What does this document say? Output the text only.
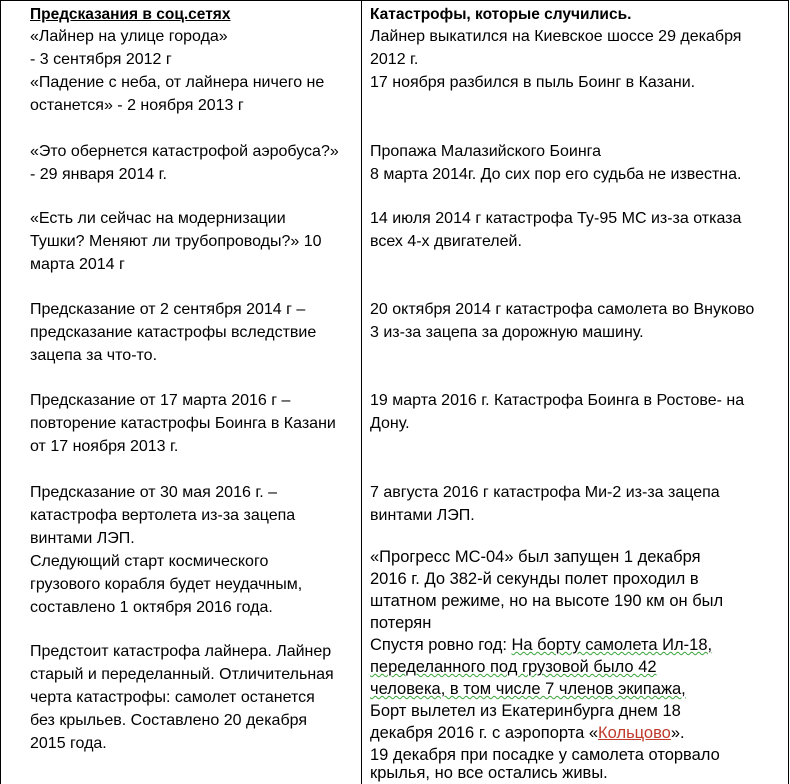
Предсказания в соц.сетях
«Лайнер на улице города»
- 3 сентября 2012 г
«Падение с неба, от лайнера ничего не
останется» - 2 ноября 2013 г
«Это обернется катастрофой аэробуса?»
- 29 января 2014 г.
«Есть ли сейчас на модернизации
Тушки? Меняют ли трубопроводы?» 10
марта 2014 г
Предсказание от 2 сентября 2014 г –
предсказание катастрофы вследствие
зацепа за что-то.
Предсказание от 17 марта 2016 г –
повторение катастрофы Боинга в Казани
от 17 ноября 2013 г.
Предсказание от 30 мая 2016 г. –
катастрофа вертолета из-за зацепа
винтами ЛЭП.
Следующий старт космического
грузового корабля будет неудачным,
составлено 1 октября 2016 года.
Предстоит катастрофа лайнера. Лайнер
старый и переделанный. Отличительная
черта катастрофы: самолет останется
без крыльев. Составлено 20 декабря
2015 года.
Катастрофы, которые случились.
Лайнер выкатился на Киевское шоссе 29 декабря
2012 г.
17 ноября разбился в пыль Боинг в Казани.
Пропажа Малазийского Боинга
8 марта 2014г. До сих пор его судьба не известна.
14 июля 2014 г катастрофа Ту-95 МС из-за отказа
всех 4-х двигателей.
20 октября 2014 г катастрофа самолета во Внуково
3 из-за зацепа за дорожную машину.
19 марта 2016 г. Катастрофа Боинга в Ростове- на
Дону.
7 августа 2016 г катастрофа Ми-2 из-за зацепа
винтами ЛЭП.
«Прогресс МС-04» был запущен 1 декабря
2016 г. До 382-й секунды полет проходил в
штатном режиме, но на высоте 190 км он был
потерян
Спустя ровно год: На борту самолета Ил-18,
переделанного под грузовой было 42
человека, в том числе 7 членов экипажа,
Борт вылетел из Екатеринбурга днем 18
декабря 2016 г. с аэропорта «Кольцово».
19 декабря при посадке у самолета оторвало
крылья, но все остались живы.
